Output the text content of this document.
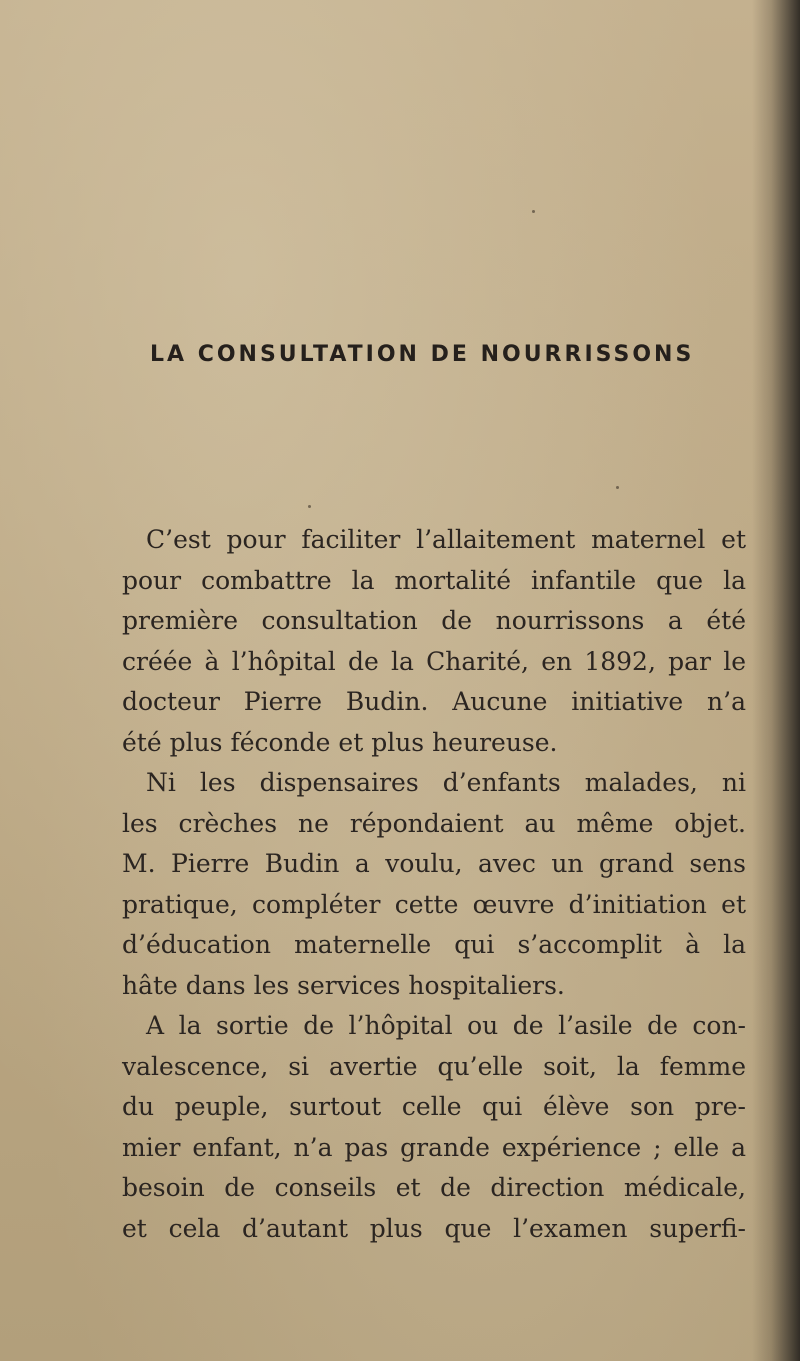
LA CONSULTATION DE NOURRISSONS
C’est pour faciliter l’allaitement maternel et
pour combattre la mortalité infantile que la
première consultation de nourrissons a été
créée à l’hôpital de la Charité, en 1892, par le
docteur Pierre Budin. Aucune initiative n’a
été plus féconde et plus heureuse.
Ni les dispensaires d’enfants malades, ni
les crèches ne répondaient au même objet.
M. Pierre Budin a voulu, avec un grand sens
pratique, compléter cette œuvre d’initiation et
d’éducation maternelle qui s’accomplit à la
hâte dans les services hospitaliers.
A la sortie de l’hôpital ou de l’asile de con-
valescence, si avertie qu’elle soit, la femme
du peuple, surtout celle qui élève son pre-
mier enfant, n’a pas grande expérience ; elle a
besoin de conseils et de direction médicale,
et cela d’autant plus que l’examen superfi-
